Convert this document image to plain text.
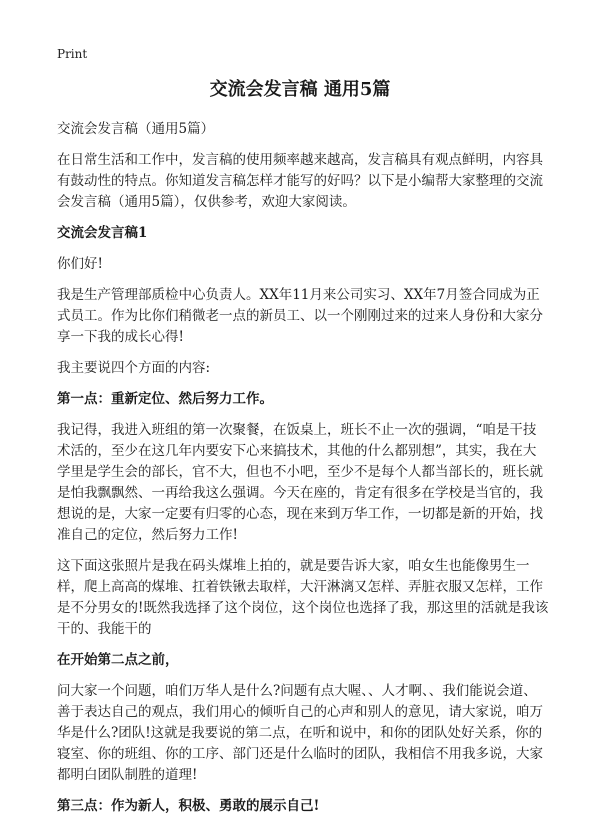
Print
交流会发言稿 通用5篇

交流会发言稿（通用5篇）

在日常生活和工作中，发言稿的使用频率越来越高，发言稿具有观点鲜明，内容具有鼓动性的特点。你知道发言稿怎样才能写的好吗？以下是小编帮大家整理的交流会发言稿（通用5篇），仅供参考，欢迎大家阅读。

交流会发言稿1

你们好!

我是生产管理部质检中心负责人。XX年11月来公司实习、XX年7月签合同成为正式员工。作为比你们稍微老一点的新员工、以一个刚刚过来的过来人身份和大家分享一下我的成长心得!

我主要说四个方面的内容:

第一点：重新定位、然后努力工作。

我记得，我进入班组的第一次聚餐，在饭桌上，班长不止一次的强调，“咱是干技术活的，至少在这几年内要安下心来搞技术，其他的什么都别想”，其实，我在大学里是学生会的部长，官不大，但也不小吧，至少不是每个人都当部长的，班长就是怕我飘飘然、一再给我这么强调。今天在座的，肯定有很多在学校是当官的，我想说的是，大家一定要有归零的心态，现在来到万华工作，一切都是新的开始，找准自己的定位，然后努力工作!

这下面这张照片是我在码头煤堆上拍的，就是要告诉大家，咱女生也能像男生一样，爬上高高的煤堆、扛着铁锹去取样，大汗淋漓又怎样、弄脏衣服又怎样，工作是不分男女的!既然我选择了这个岗位，这个岗位也选择了我，那这里的活就是我该干的、我能干的

在开始第二点之前，

问大家一个问题，咱们万华人是什么?问题有点大喔、、人才啊、、我们能说会道、善于表达自己的观点，我们用心的倾听自己的心声和别人的意见，请大家说，咱万华是什么?团队!这就是我要说的第二点，在听和说中，和你的团队处好关系，你的寝室、你的班组、你的工序、部门还是什么临时的团队，我相信不用我多说，大家都明白团队制胜的道理!

第三点：作为新人，积极、勇敢的展示自己!
